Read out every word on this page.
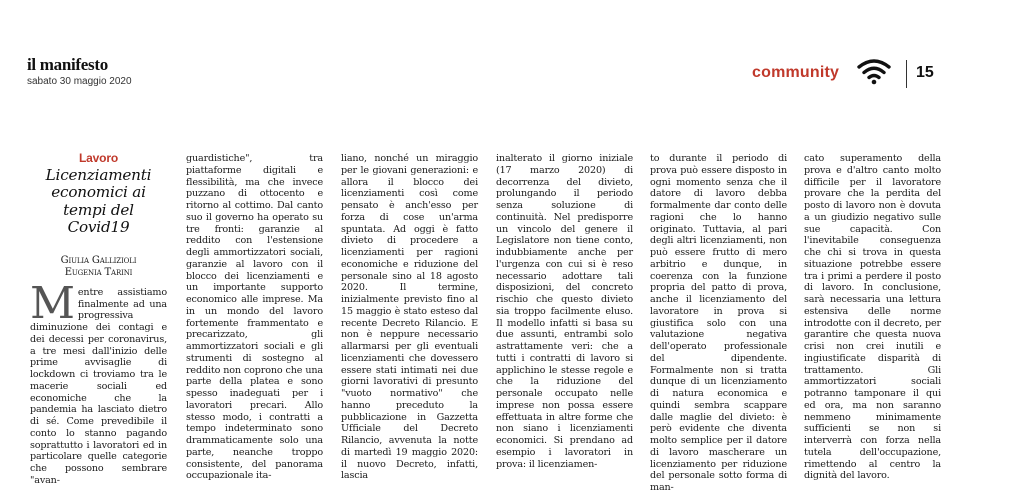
il manifesto
sabato 30 maggio 2020
community	15
Lavoro
Licenziamenti economici ai tempi del Covid19
Giulia Gallizioli
Eugenia Tarini
M entre assistiamo finalmente ad una progressiva diminuzione dei contagi e dei decessi per coronavirus, a tre mesi dall'inizio delle prime avvisaglie di lockdown ci troviamo tra le macerie sociali ed economiche che la pandemia ha lasciato dietro di sé. Come prevedibile il conto lo stanno pagando soprattutto i lavoratori ed in particolare quelle categorie che possono sembrare "avan-

guardistiche", tra piattaforme digitali e flessibilità, ma che invece puzzano di ottocento e ritorno al cottimo. Dal canto suo il governo ha operato su tre fronti: garanzie al reddito con l'estensione degli ammortizzatori sociali, garanzie al lavoro con il blocco dei licenziamenti e un importante supporto economico alle imprese. Ma in un mondo del lavoro fortemente frammentato e precarizzato, gli ammortizzatori sociali e gli strumenti di sostegno al reddito non coprono che una parte della platea e sono spesso inadeguati per i lavoratori precari. Allo stesso modo, i contratti a tempo indeterminato sono drammaticamente solo una parte, neanche troppo consistente, del panorama occupazionale ita-

liano, nonché un miraggio per le giovani generazioni: e allora il blocco dei licenziamenti così come pensato è anch'esso per forza di cose un'arma spuntata. Ad oggi è fatto divieto di procedere a licenziamenti per ragioni economiche e riduzione del personale sino al 18 agosto 2020. Il termine, inizialmente previsto fino al 15 maggio è stato esteso dal recente Decreto Rilancio. E non è neppure necessario allarmarsi per gli eventuali licenziamenti che dovessero essere stati intimati nei due giorni lavorativi di presunto "vuoto normativo" che hanno preceduto la pubblicazione in Gazzetta Ufficiale del Decreto Rilancio, avvenuta la notte di martedì 19 maggio 2020: il nuovo Decreto, infatti, lascia

inalterato il giorno iniziale (17 marzo 2020) di decorrenza del divieto, prolungando il periodo senza soluzione di continuità. Nel predisporre un vincolo del genere il Legislatore non tiene conto, indubbiamente anche per l'urgenza con cui si è reso necessario adottare tali disposizioni, del concreto rischio che questo divieto sia troppo facilmente eluso. Il modello infatti si basa su due assunti, entrambi solo astrattamente veri: che a tutti i contratti di lavoro si applichino le stesse regole e che la riduzione del personale occupato nelle imprese non possa essere effettuata in altre forme che non siano i licenziamenti economici. Si prendano ad esempio i lavoratori in prova: il licenziamen-

to durante il periodo di prova può essere disposto in ogni momento senza che il datore di lavoro debba formalmente dar conto delle ragioni che lo hanno originato. Tuttavia, al pari degli altri licenziamenti, non può essere frutto di mero arbitrio e dunque, in coerenza con la funzione propria del patto di prova, anche il licenziamento del lavoratore in prova si giustifica solo con una valutazione negativa dell'operato professionale del dipendente. Formalmente non si tratta dunque di un licenziamento di natura economica e quindi sembra scappare dalle maglie del divieto: è però evidente che diventa molto semplice per il datore di lavoro mascherare un licenziamento per riduzione del personale sotto forma di man-

cato superamento della prova e d'altro canto molto difficile per il lavoratore provare che la perdita del posto di lavoro non è dovuta a un giudizio negativo sulle sue capacità. Con l'inevitabile conseguenza che chi si trova in questa situazione potrebbe essere tra i primi a perdere il posto di lavoro. In conclusione, sarà necessaria una lettura estensiva delle norme introdotte con il decreto, per garantire che questa nuova crisi non crei inutili e ingiustificate disparità di trattamento. Gli ammortizzatori sociali potranno tamponare il qui ed ora, ma non saranno nemmeno minimamente sufficienti se non si interverrà con forza nella tutela dell'occupazione, rimettendo al centro la dignità del lavoro.
